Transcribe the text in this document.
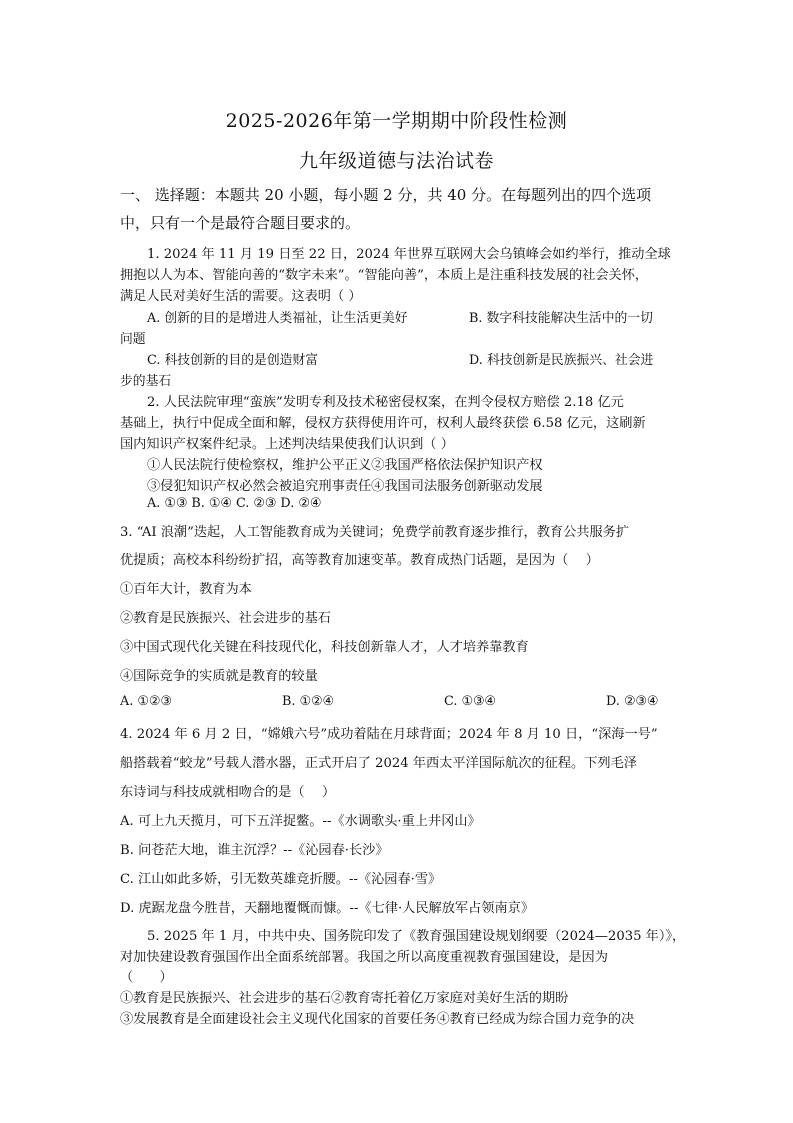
2025-2026年第一学期期中阶段性检测
九年级道德与法治试卷
一、 选择题：本题共 20 小题，每小题 2 分，共 40 分。在每题列出的四个选项
中，只有一个是最符合题目要求的。
1. 2024 年 11 月 19 日至 22 日，2024 年世界互联网大会乌镇峰会如约举行，推动全球
拥抱以人为本、智能向善的“数字未来”。“智能向善”，本质上是注重科技发展的社会关怀，
满足人民对美好生活的需要。这表明（ ）
A. 创新的目的是增进人类福祉，让生活更美好	B. 数字科技能解决生活中的一切
问题
C. 科技创新的目的是创造财富	D. 科技创新是民族振兴、社会进
步的基石
2. 人民法院审理“蛮族”发明专利及技术秘密侵权案，在判令侵权方赔偿 2.18 亿元
基础上，执行中促成全面和解，侵权方获得使用许可，权利人最终获偿 6.58 亿元，这刷新
国内知识产权案件纪录。上述判决结果使我们认识到（ ）
①人民法院行使检察权，维护公平正义②我国严格依法保护知识产权
③侵犯知识产权必然会被追究刑事责任④我国司法服务创新驱动发展
A. ①③ B. ①④ C. ②③ D. ②④
3. “AI 浪潮”迭起，人工智能教育成为关键词；免费学前教育逐步推行，教育公共服务扩
优提质；高校本科纷纷扩招，高等教育加速变革。教育成热门话题，是因为（　 ）
①百年大计，教育为本
②教育是民族振兴、社会进步的基石
③中国式现代化关键在科技现代化，科技创新靠人才，人才培养靠教育
④国际竞争的实质就是教育的较量
A. ①②③	B. ①②④	C. ①③④	D. ②③④
4. 2024 年 6 月 2 日，“嫦娥六号”成功着陆在月球背面；2024 年 8 月 10 日，“深海一号”
船搭载着“蛟龙”号载人潜水器，正式开启了 2024 年西太平洋国际航次的征程。下列毛泽
东诗词与科技成就相吻合的是（　 ）
A. 可上九天揽月，可下五洋捉鳖。--《水调歌头·重上井冈山》
B. 问苍茫大地，谁主沉浮？--《沁园春·长沙》
C. 江山如此多娇，引无数英雄竞折腰。--《沁园春·雪》
D. 虎踞龙盘今胜昔，天翻地覆慨而慷。--《七律·人民解放军占领南京》
5. 2025 年 1 月，中共中央、国务院印发了《教育强国建设规划纲要（2024—2035 年）》，
对加快建设教育强国作出全面系统部署。我国之所以高度重视教育强国建设，是因为
（　　）
①教育是民族振兴、社会进步的基石②教育寄托着亿万家庭对美好生活的期盼
③发展教育是全面建设社会主义现代化国家的首要任务④教育已经成为综合国力竞争的决
